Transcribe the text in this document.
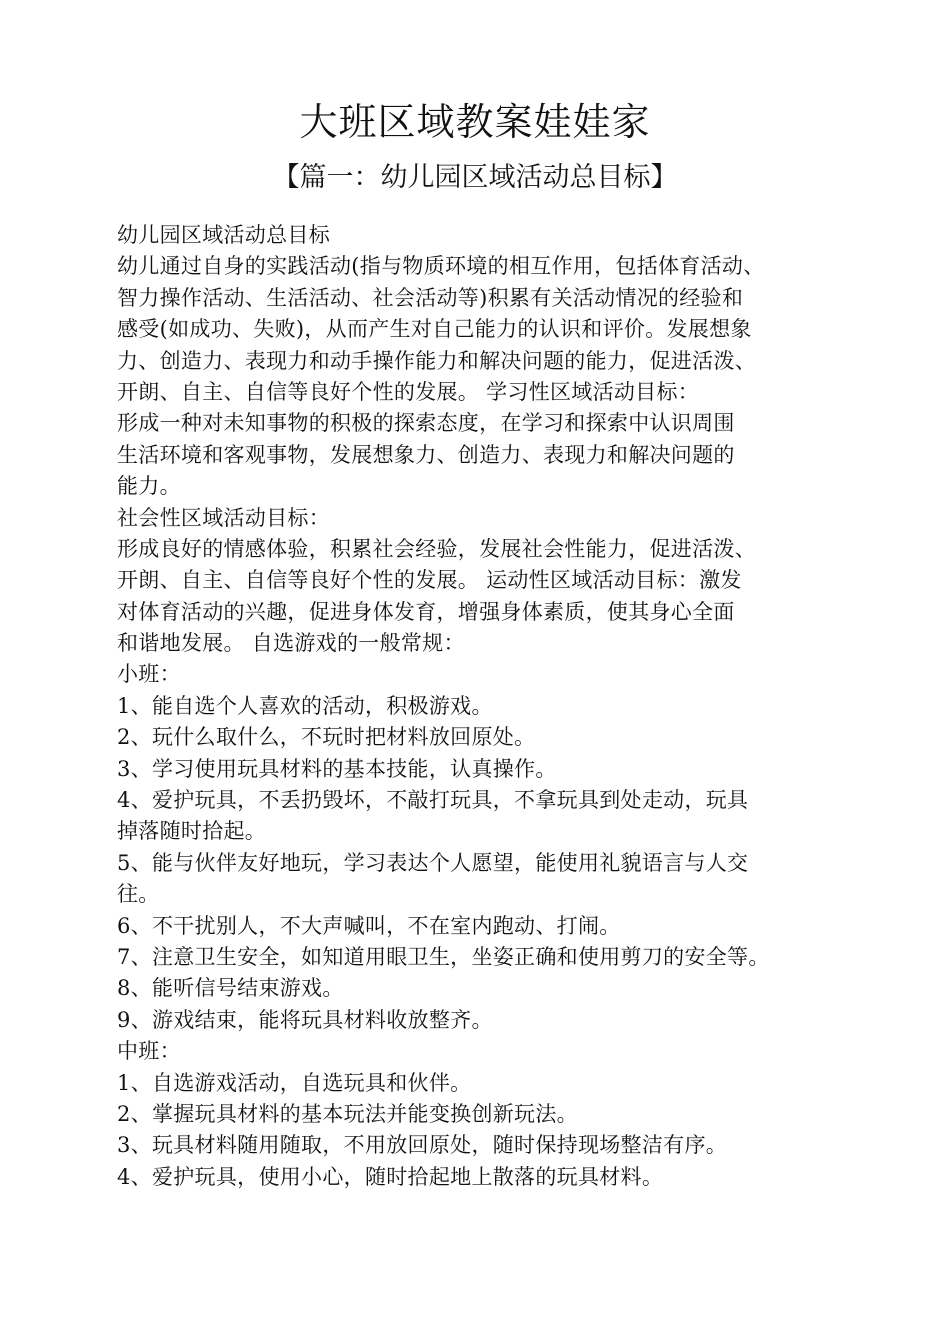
大班区域教案娃娃家
【篇一：幼儿园区域活动总目标】
幼儿园区域活动总目标
幼儿通过自身的实践活动(指与物质环境的相互作用，包括体育活动、
智力操作活动、生活活动、社会活动等)积累有关活动情况的经验和
感受(如成功、失败)，从而产生对自己能力的认识和评价。发展想象
力、创造力、表现力和动手操作能力和解决问题的能力，促进活泼、
开朗、自主、自信等良好个性的发展。 学习性区域活动目标：
形成一种对未知事物的积极的探索态度，在学习和探索中认识周围
生活环境和客观事物，发展想象力、创造力、表现力和解决问题的
能力。
社会性区域活动目标：
形成良好的情感体验，积累社会经验，发展社会性能力，促进活泼、
开朗、自主、自信等良好个性的发展。 运动性区域活动目标：激发
对体育活动的兴趣，促进身体发育，增强身体素质，使其身心全面
和谐地发展。 自选游戏的一般常规：
小班：
1、能自选个人喜欢的活动，积极游戏。
2、玩什么取什么，不玩时把材料放回原处。
3、学习使用玩具材料的基本技能，认真操作。
4、爱护玩具，不丢扔毁坏，不敲打玩具，不拿玩具到处走动，玩具
掉落随时拾起。
5、能与伙伴友好地玩，学习表达个人愿望，能使用礼貌语言与人交
往。
6、不干扰别人，不大声喊叫，不在室内跑动、打闹。
7、注意卫生安全，如知道用眼卫生，坐姿正确和使用剪刀的安全等。
8、能听信号结束游戏。
9、游戏结束，能将玩具材料收放整齐。
中班：
1、自选游戏活动，自选玩具和伙伴。
2、掌握玩具材料的基本玩法并能变换创新玩法。
3、玩具材料随用随取，不用放回原处，随时保持现场整洁有序。
4、爱护玩具，使用小心，随时拾起地上散落的玩具材料。
